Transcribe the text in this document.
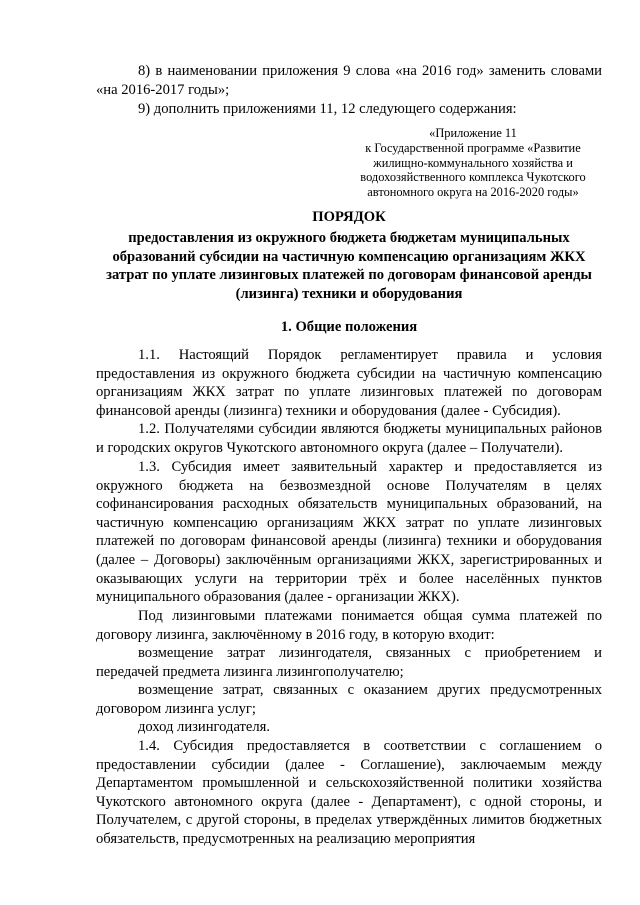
8) в наименовании приложения 9 слова «на 2016 год» заменить словами «на 2016-2017 годы»;

9) дополнить приложениями 11, 12 следующего содержания:

«Приложение 11
к Государственной программе «Развитие
жилищно-коммунального хозяйства и
водохозяйственного комплекса Чукотского
автономного округа на 2016-2020 годы»
ПОРЯДОК
предоставления из окружного бюджета бюджетам муниципальных образований субсидии на частичную компенсацию организациям ЖКХ затрат по уплате лизинговых платежей по договорам финансовой аренды (лизинга) техники и оборудования
1. Общие положения

1.1. Настоящий Порядок регламентирует правила и условия предоставления из окружного бюджета субсидии на частичную компенсацию организациям ЖКХ затрат по уплате лизинговых платежей по договорам финансовой аренды (лизинга) техники и оборудования (далее - Субсидия).

1.2. Получателями субсидии являются бюджеты муниципальных районов и городских округов Чукотского автономного округа (далее – Получатели).

1.3. Субсидия имеет заявительный характер и предоставляется из окружного бюджета на безвозмездной основе Получателям в целях софинансирования расходных обязательств муниципальных образований, на частичную компенсацию организациям ЖКХ затрат по уплате лизинговых платежей по договорам финансовой аренды (лизинга) техники и оборудования (далее – Договоры) заключённым организациями ЖКХ, зарегистрированных и оказывающих услуги на территории трёх и более населённых пунктов муниципального образования (далее - организации ЖКХ).

Под лизинговыми платежами понимается общая сумма платежей по договору лизинга, заключённому в 2016 году, в которую входит:

возмещение затрат лизингодателя, связанных с приобретением и передачей предмета лизинга лизингополучателю;

возмещение затрат, связанных с оказанием других предусмотренных договором лизинга услуг;

доход лизингодателя.

1.4. Субсидия предоставляется в соответствии с соглашением о предоставлении субсидии (далее - Соглашение), заключаемым между Департаментом промышленной и сельскохозяйственной политики хозяйства Чукотского автономного округа (далее - Департамент), с одной стороны, и Получателем, с другой стороны, в пределах утверждённых лимитов бюджетных обязательств, предусмотренных на реализацию мероприятия
